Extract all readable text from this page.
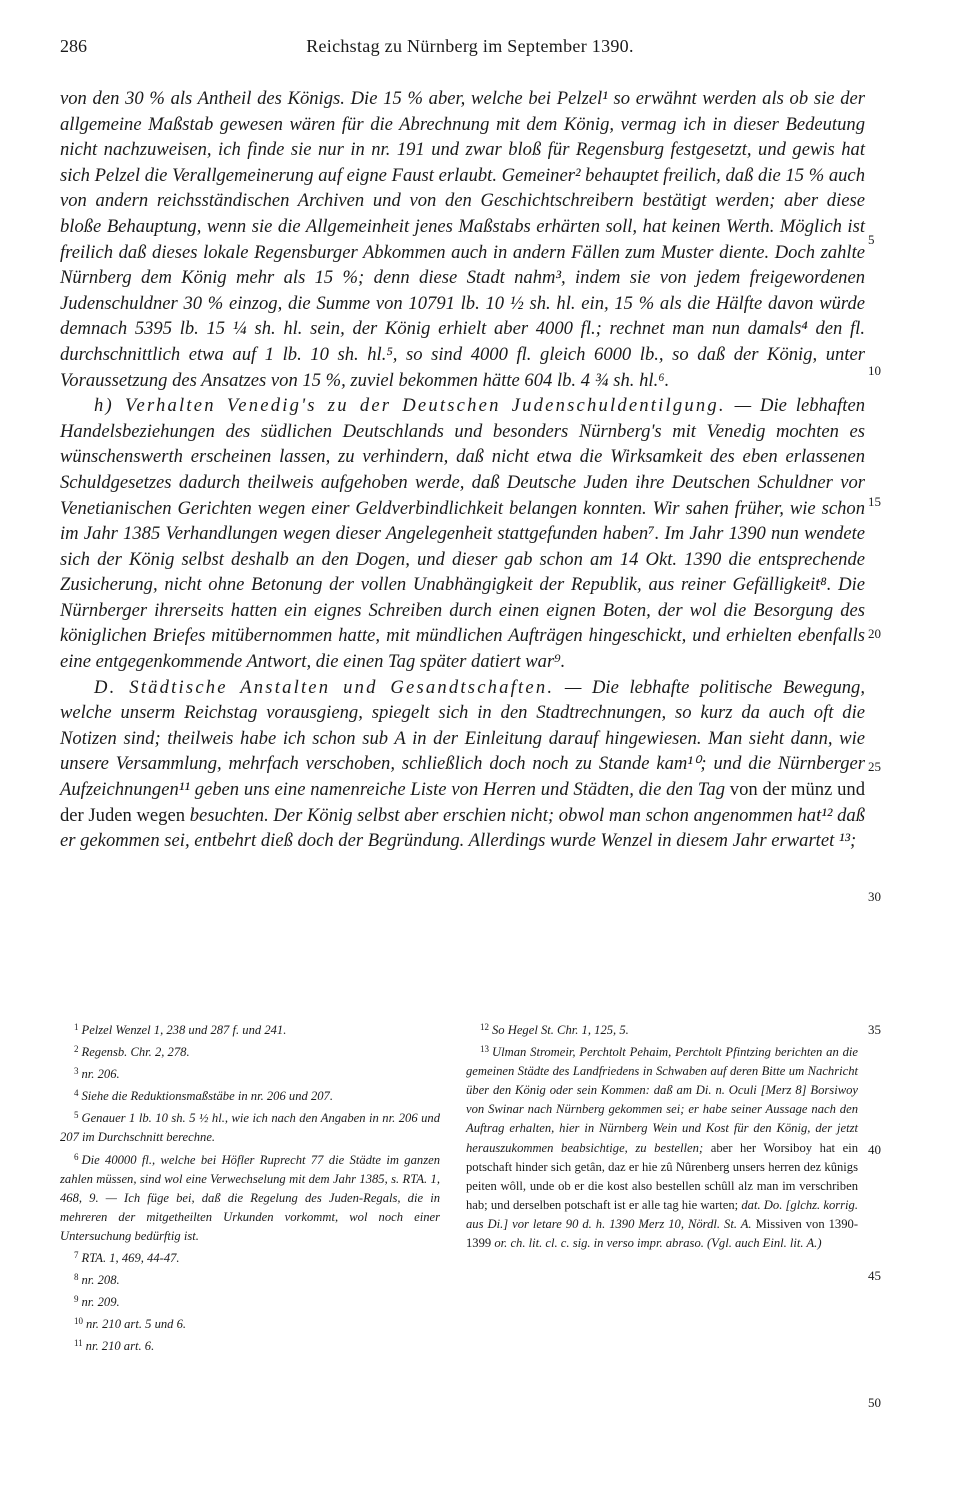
286	Reichstag zu Nürnberg im September 1390.

von den 30 % als Antheil des Königs. Die 15 % aber, welche bei Pelzel¹ so erwähnt werden als ob sie der allgemeine Maßstab gewesen wären für die Abrechnung mit dem König, vermag ich in dieser Bedeutung nicht nachzuweisen, ich finde sie nur in nr. 191 und zwar bloß für Regensburg festgesetzt, und gewis hat sich Pelzel die Verallgemeinerung auf eigne Faust erlaubt. Gemeiner² behauptet freilich, daß die 15 % auch von andern reichsständischen Archiven und von den Geschichtschreibern bestätigt werden; aber diese bloße Behauptung, wenn sie die Allgemeinheit jenes Maßstabs erhärten soll, hat keinen Werth. Möglich ist freilich daß dieses lokale Regensburger Abkommen auch in andern Fällen zum Muster diente. Doch zahlte Nürnberg dem König mehr als 15 %; denn diese Stadt nahm³, indem sie von jedem freigewordenen Judenschuldner 30 % einzog, die Summe von 10791 lb. 10 ½ sh. hl. ein, 15 % als die Hälfte davon würde demnach 5395 lb. 15 ¼ sh. hl. sein, der König erhielt aber 4000 fl.; rechnet man nun damals⁴ den fl. durchschnittlich etwa auf 1 lb. 10 sh. hl.⁵, so sind 4000 fl. gleich 6000 lb., so daß der König, unter Voraussetzung des Ansatzes von 15 %, zuviel bekommen hätte 604 lb. 4 ¾ sh. hl.⁶.

h) Verhalten Venedig's zu der Deutschen Judenschuldentilgung. — Die lebhaften Handelsbeziehungen des südlichen Deutschlands und besonders Nürnberg's mit Venedig mochten es wünschenswerth erscheinen lassen, zu verhindern, daß nicht etwa die Wirksamkeit des eben erlassenen Schuldgesetzes dadurch theilweis aufgehoben werde, daß Deutsche Juden ihre Deutschen Schuldner vor Venetianischen Gerichten wegen einer Geldverbindlichkeit belangen konnten. Wir sahen früher, wie schon im Jahr 1385 Verhandlungen wegen dieser Angelegenheit stattgefunden haben⁷. Im Jahr 1390 nun wendete sich der König selbst deshalb an den Dogen, und dieser gab schon am 14 Okt. 1390 die entsprechende Zusicherung, nicht ohne Betonung der vollen Unabhängigkeit der Republik, aus reiner Gefälligkeit⁸. Die Nürnberger ihrerseits hatten ein eignes Schreiben durch einen eignen Boten, der wol die Besorgung des königlichen Briefes mitübernommen hatte, mit mündlichen Aufträgen hingeschickt, und erhielten ebenfalls eine entgegenkommende Antwort, die einen Tag später datiert war⁹.

D. Städtische Anstalten und Gesandtschaften. — Die lebhafte politische Bewegung, welche unserm Reichstag vorausgieng, spiegelt sich in den Stadtrechnungen, so kurz da auch oft die Notizen sind; theilweis habe ich schon sub A in der Einleitung darauf hingewiesen. Man sieht dann, wie unsere Versammlung, mehrfach verschoben, schließlich doch noch zu Stande kam¹⁰; und die Nürnberger Aufzeichnungen¹¹ geben uns eine namenreiche Liste von Herren und Städten, die den Tag von der münz und der Juden wegen besuchten. Der König selbst aber erschien nicht; obwol man schon angenommen hat¹² daß er gekommen sei, entbehrt dieß doch der Begründung. Allerdings wurde Wenzel in diesem Jahr erwartet ¹³;

5
10
15
20
25
30
35
40
45
50

$^1$ Pelzel Wenzel 1, 238 und 287 f. und 241.

$^2$ Regensb. Chr. 2, 278.

$^3$ nr. 206.

$^4$ Siehe die Reduktionsmaßstäbe in nr. 206 und 207.

$^5$ Genauer 1 lb. 10 sh. 5 ½ hl., wie ich nach den Angaben in nr. 206 und 207 im Durchschnitt berechne.

$^6$ Die 40000 fl., welche bei Höfler Ruprecht 77 die Städte im ganzen zahlen müssen, sind wol eine Verwechselung mit dem Jahr 1385, s. RTA. 1, 468, 9. — Ich füge bei, daß die Regelung des Juden-Regals, die in mehreren der mitgetheilten Urkunden vorkommt, wol noch einer Untersuchung bedürftig ist.

$^7$ RTA. 1, 469, 44-47.

$^8$ nr. 208.

$^9$ nr. 209.

$^{10}$ nr. 210 art. 5 und 6.

$^{11}$ nr. 210 art. 6.

$^{12}$ So Hegel St. Chr. 1, 125, 5.

$^{13}$ Ulman Stromeir, Perchtolt Pehaim, Perchtolt Pfintzing berichten an die gemeinen Städte des Landfriedens in Schwaben auf deren Bitte um Nachricht über den König oder sein Kommen: daß am Di. n. Oculi [Merz 8] Borsiwoy von Swinar nach Nürnberg gekommen sei; er habe seiner Aussage nach den Auftrag erhalten, hier in Nürnberg Wein und Kost für den König, der jetzt herauszukommen beabsichtige, zu bestellen; aber her Worsiboy hat ein potschaft hinder sich getân, daz er hie zû Nûrenberg unsers herren dez kûnigs peiten wôll, unde ob er die kost also bestellen schûll alz man im verschriben hab; und derselben potschaft ist er alle tag hie warten; dat. Do. [glchz. korrig. aus Di.] vor letare 90 d. h. 1390 Merz 10, Nördl. St. A. Missiven von 1390-1399 or. ch. lit. cl. c. sig. in verso impr. abraso. (Vgl. auch Einl. lit. A.)
